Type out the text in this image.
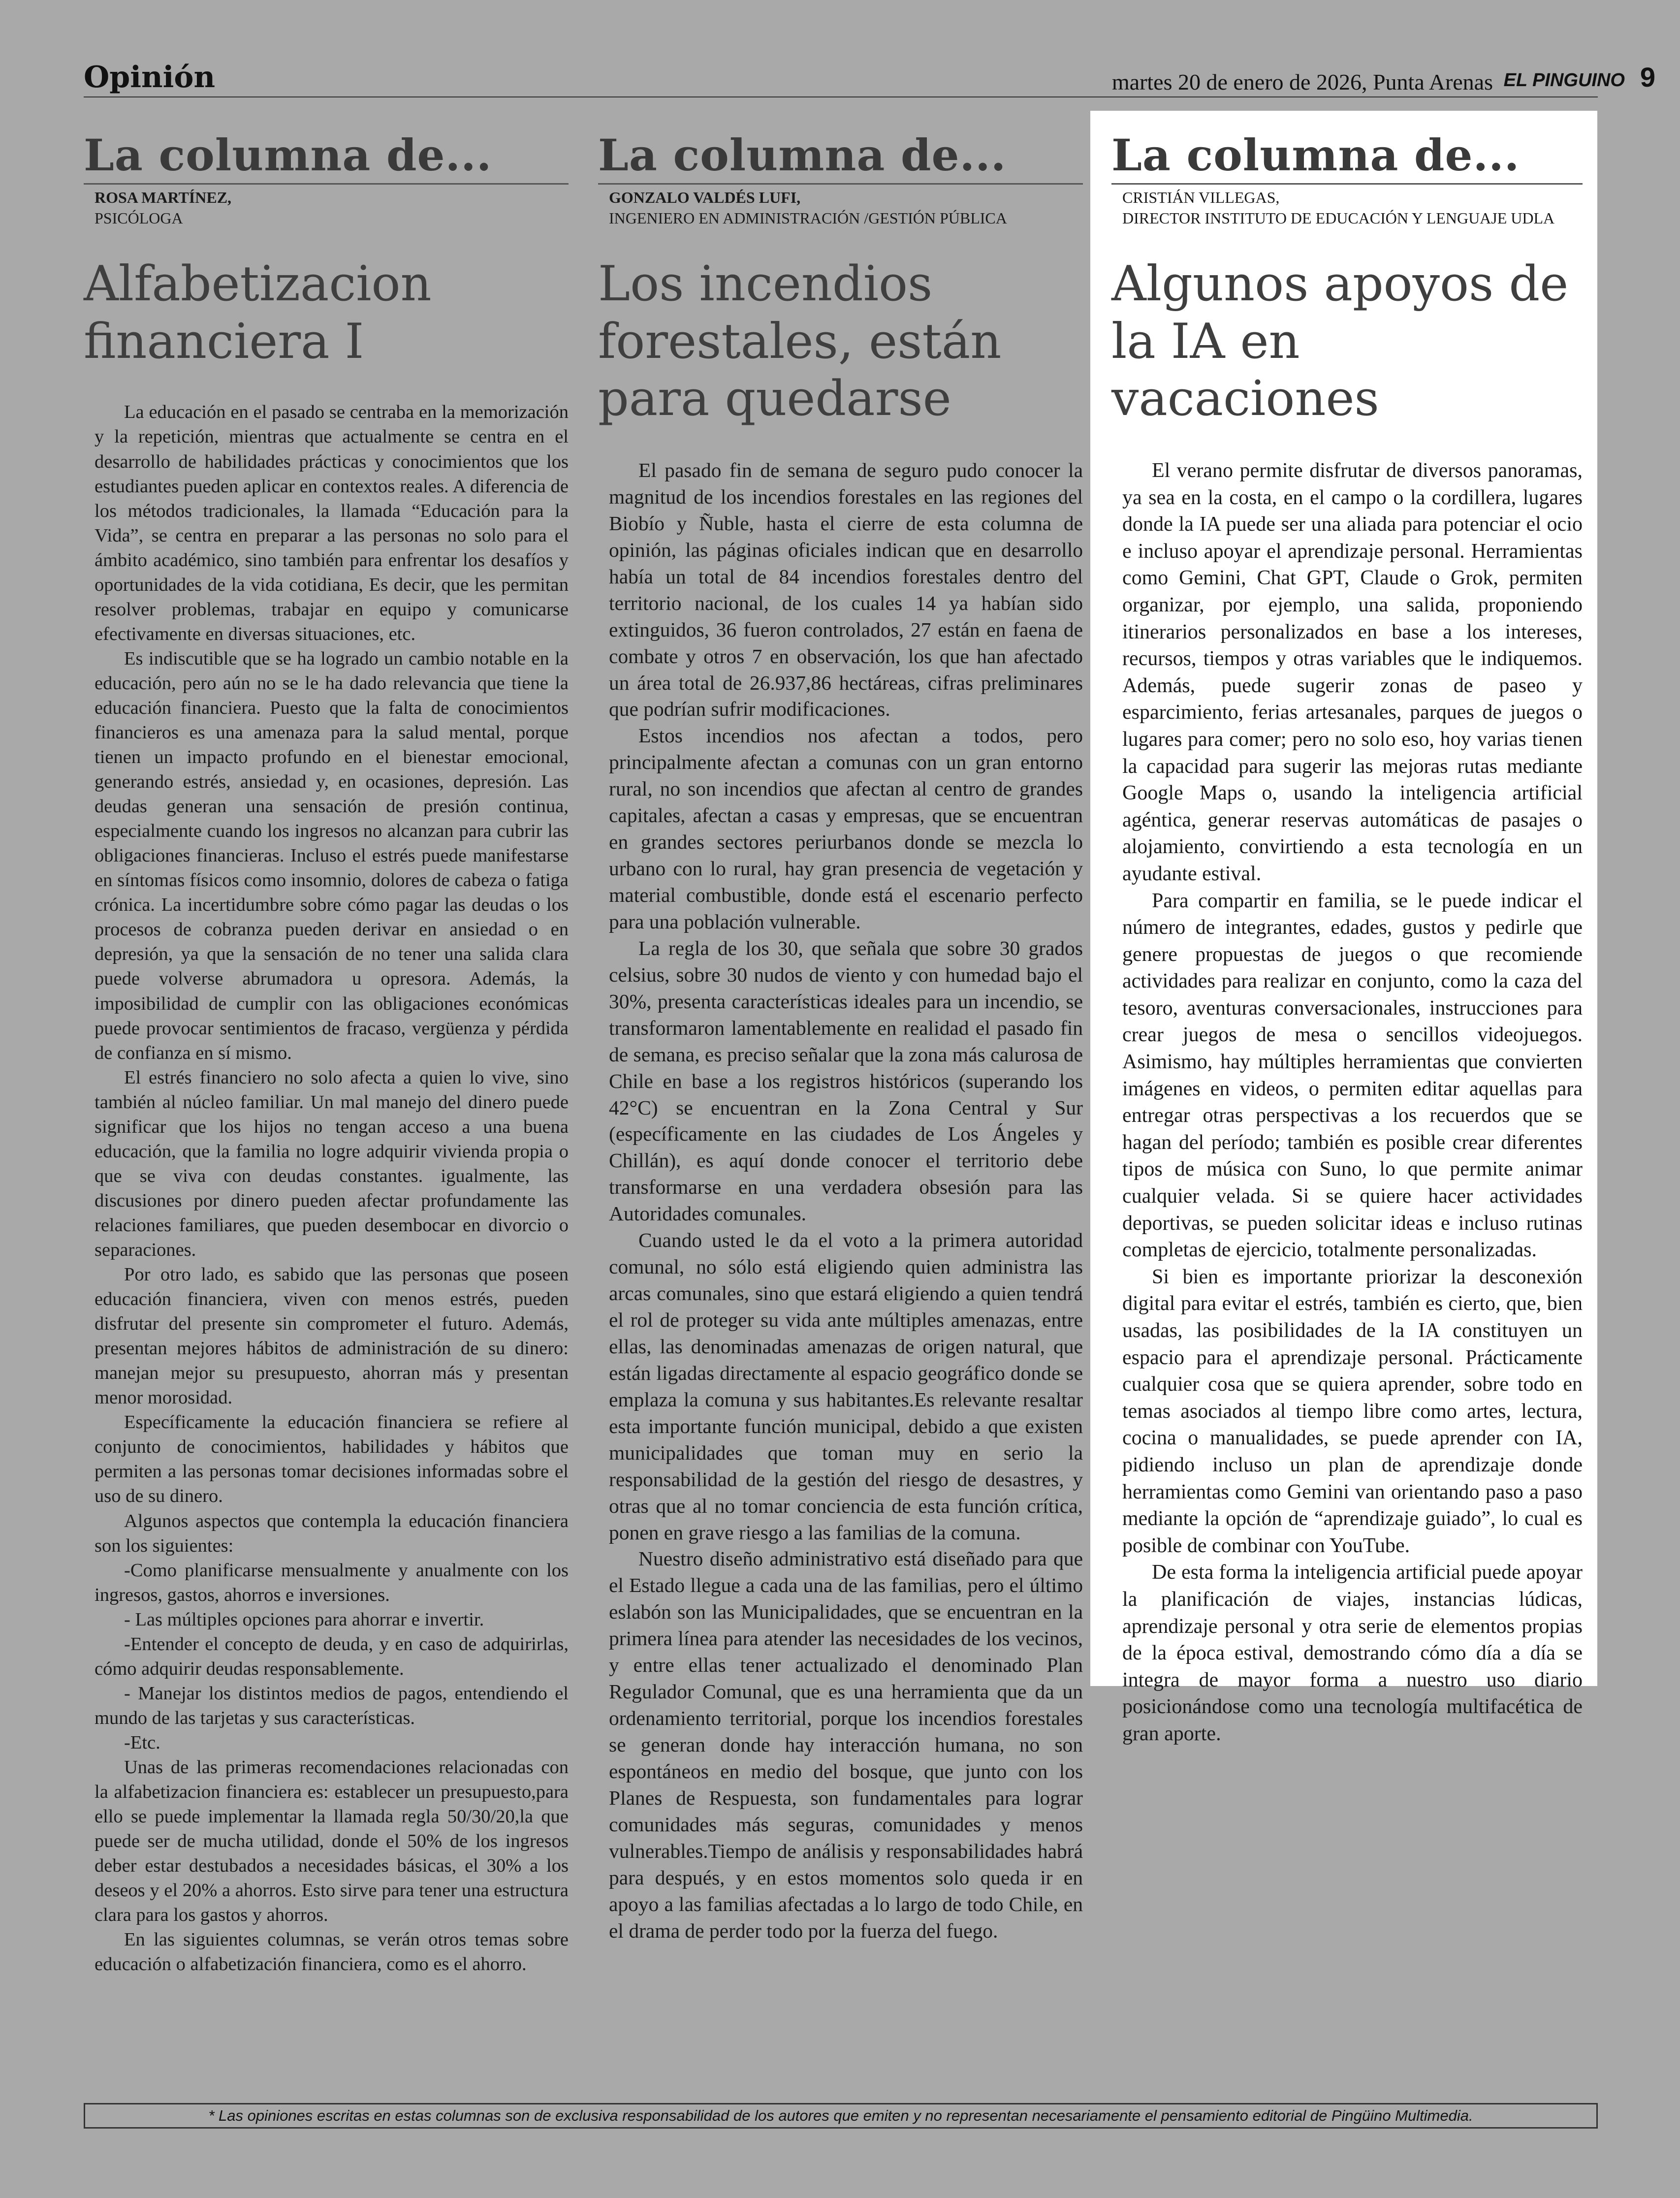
Opinión	martes 20 de enero de 2026, Punta Arenas EL PINGUINO 9
La columna de...
ROSA MARTÍNEZ,
PSICÓLOGA
Alfabetizacion financiera I

La educación en el pasado se centraba en la memorización y la repetición, mientras que actualmente se centra en el desarrollo de habilidades prácticas y conocimientos que los estudiantes pueden aplicar en contextos reales. A diferencia de los métodos tradicionales, la llamada “Educación para la Vida”, se centra en preparar a las personas no solo para el ámbito académico, sino también para enfrentar los desafíos y oportunidades de la vida cotidiana, Es decir, que les permitan resolver problemas, trabajar en equipo y comunicarse efectivamente en diversas situaciones, etc.

Es indiscutible que se ha logrado un cambio notable en la educación, pero aún no se le ha dado relevancia que tiene la educación financiera. Puesto que la falta de conocimientos financieros es una amenaza para la salud mental, porque tienen un impacto profundo en el bienestar emocional, generando estrés, ansiedad y, en ocasiones, depresión. Las deudas generan una sensación de presión continua, especialmente cuando los ingresos no alcanzan para cubrir las obligaciones financieras. Incluso el estrés puede manifestarse en síntomas físicos como insomnio, dolores de cabeza o fatiga crónica. La incertidumbre sobre cómo pagar las deudas o los procesos de cobranza pueden derivar en ansiedad o en depresión, ya que la sensación de no tener una salida clara puede volverse abrumadora u opresora. Además, la imposibilidad de cumplir con las obligaciones económicas puede provocar sentimientos de fracaso, vergüenza y pérdida de confianza en sí mismo.

El estrés financiero no solo afecta a quien lo vive, sino también al núcleo familiar. Un mal manejo del dinero puede significar que los hijos no tengan acceso a una buena educación, que la familia no logre adquirir vivienda propia o que se viva con deudas constantes. igualmente, las discusiones por dinero pueden afectar profundamente las relaciones familiares, que pueden desembocar en divorcio o separaciones.

Por otro lado, es sabido que las personas que poseen educación financiera, viven con menos estrés, pueden disfrutar del presente sin comprometer el futuro. Además, presentan mejores hábitos de administración de su dinero: manejan mejor su presupuesto, ahorran más y presentan menor morosidad.

Específicamente la educación financiera se refiere al conjunto de conocimientos, habilidades y hábitos que permiten a las personas tomar decisiones informadas sobre el uso de su dinero.

Algunos aspectos que contempla la educación financiera son los siguientes:

-Como planificarse mensualmente y anualmente con los ingresos, gastos, ahorros e inversiones.

- Las múltiples opciones para ahorrar e invertir.

-Entender el concepto de deuda, y en caso de adquirirlas, cómo adquirir deudas responsablemente.

- Manejar los distintos medios de pagos, entendiendo el mundo de las tarjetas y sus características.

-Etc.

Unas de las primeras recomendaciones relacionadas con la alfabetizacion financiera es: establecer un presupuesto,para ello se puede implementar la llamada regla 50/30/20,la que puede ser de mucha utilidad, donde el 50% de los ingresos deber estar destubados a necesidades básicas, el 30% a los deseos y el 20% a ahorros. Esto sirve para tener una estructura clara para los gastos y ahorros.

En las siguientes columnas, se verán otros temas sobre educación o alfabetización financiera, como es el ahorro.

La columna de...
GONZALO VALDÉS LUFI,
INGENIERO EN ADMINISTRACIÓN /GESTIÓN PÚBLICA
Los incendios forestales, están para quedarse

El pasado fin de semana de seguro pudo conocer la magnitud de los incendios forestales en las regiones del Biobío y Ñuble, hasta el cierre de esta columna de opinión, las páginas oficiales indican que en desarrollo había un total de 84 incendios forestales dentro del territorio nacional, de los cuales 14 ya habían sido extinguidos, 36 fueron controlados, 27 están en faena de combate y otros 7 en observación, los que han afectado un área total de 26.937,86 hectáreas, cifras preliminares que podrían sufrir modificaciones.

Estos incendios nos afectan a todos, pero principalmente afectan a comunas con un gran entorno rural, no son incendios que afectan al centro de grandes capitales, afectan a casas y empresas, que se encuentran en grandes sectores periurbanos donde se mezcla lo urbano con lo rural, hay gran presencia de vegetación y material combustible, donde está el escenario perfecto para una población vulnerable.

La regla de los 30, que señala que sobre 30 grados celsius, sobre 30 nudos de viento y con humedad bajo el 30%, presenta características ideales para un incendio, se transformaron lamentablemente en realidad el pasado fin de semana, es preciso señalar que la zona más calurosa de Chile en base a los registros históricos (superando los 42°C) se encuentran en la Zona Central y Sur (específicamente en las ciudades de Los Ángeles y Chillán), es aquí donde conocer el territorio debe transformarse en una verdadera obsesión para las Autoridades comunales.

Cuando usted le da el voto a la primera autoridad comunal, no sólo está eligiendo quien administra las arcas comunales, sino que estará eligiendo a quien tendrá el rol de proteger su vida ante múltiples amenazas, entre ellas, las denominadas amenazas de origen natural, que están ligadas directamente al espacio geográfico donde se emplaza la comuna y sus habitantes.Es relevante resaltar esta importante función municipal, debido a que existen municipalidades que toman muy en serio la responsabilidad de la gestión del riesgo de desastres, y otras que al no tomar conciencia de esta función crítica, ponen en grave riesgo a las familias de la comuna.

Nuestro diseño administrativo está diseñado para que el Estado llegue a cada una de las familias, pero el último eslabón son las Municipalidades, que se encuentran en la primera línea para atender las necesidades de los vecinos, y entre ellas tener actualizado el denominado Plan Regulador Comunal, que es una herramienta que da un ordenamiento territorial, porque los incendios forestales se generan donde hay interacción humana, no son espontáneos en medio del bosque, que junto con los Planes de Respuesta, son fundamentales para lograr comunidades más seguras, comunidades y menos vulnerables.Tiempo de análisis y responsabilidades habrá para después, y en estos momentos solo queda ir en apoyo a las familias afectadas a lo largo de todo Chile, en el drama de perder todo por la fuerza del fuego.

La columna de...
CRISTIÁN VILLEGAS,
DIRECTOR INSTITUTO DE EDUCACIÓN Y LENGUAJE UDLA
Algunos apoyos de la IA en vacaciones

El verano permite disfrutar de diversos panoramas, ya sea en la costa, en el campo o la cordillera, lugares donde la IA puede ser una aliada para potenciar el ocio e incluso apoyar el aprendizaje personal. Herramientas como Gemini, Chat GPT, Claude o Grok, permiten organizar, por ejemplo, una salida, proponiendo itinerarios personalizados en base a los intereses, recursos, tiempos y otras variables que le indiquemos. Además, puede sugerir zonas de paseo y esparcimiento, ferias artesanales, parques de juegos o lugares para comer; pero no solo eso, hoy varias tienen la capacidad para sugerir las mejoras rutas mediante Google Maps o, usando la inteligencia artificial agéntica, generar reservas automáticas de pasajes o alojamiento, convirtiendo a esta tecnología en un ayudante estival.

Para compartir en familia, se le puede indicar el número de integrantes, edades, gustos y pedirle que genere propuestas de juegos o que recomiende actividades para realizar en conjunto, como la caza del tesoro, aventuras conversacionales, instrucciones para crear juegos de mesa o sencillos videojuegos. Asimismo, hay múltiples herramientas que convierten imágenes en videos, o permiten editar aquellas para entregar otras perspectivas a los recuerdos que se hagan del período; también es posible crear diferentes tipos de música con Suno, lo que permite animar cualquier velada. Si se quiere hacer actividades deportivas, se pueden solicitar ideas e incluso rutinas completas de ejercicio, totalmente personalizadas.

Si bien es importante priorizar la desconexión digital para evitar el estrés, también es cierto, que, bien usadas, las posibilidades de la IA constituyen un espacio para el aprendizaje personal. Prácticamente cualquier cosa que se quiera aprender, sobre todo en temas asociados al tiempo libre como artes, lectura, cocina o manualidades, se puede aprender con IA, pidiendo incluso un plan de aprendizaje donde herramientas como Gemini van orientando paso a paso mediante la opción de “aprendizaje guiado”, lo cual es posible de combinar con YouTube.

De esta forma la inteligencia artificial puede apoyar la planificación de viajes, instancias lúdicas, aprendizaje personal y otra serie de elementos propias de la época estival, demostrando cómo día a día se integra de mayor forma a nuestro uso diario posicionándose como una tecnología multifacética de gran aporte.

* Las opiniones escritas en estas columnas son de exclusiva responsabilidad de los autores que emiten y no representan necesariamente el pensamiento editorial de Pingüino Multimedia.
